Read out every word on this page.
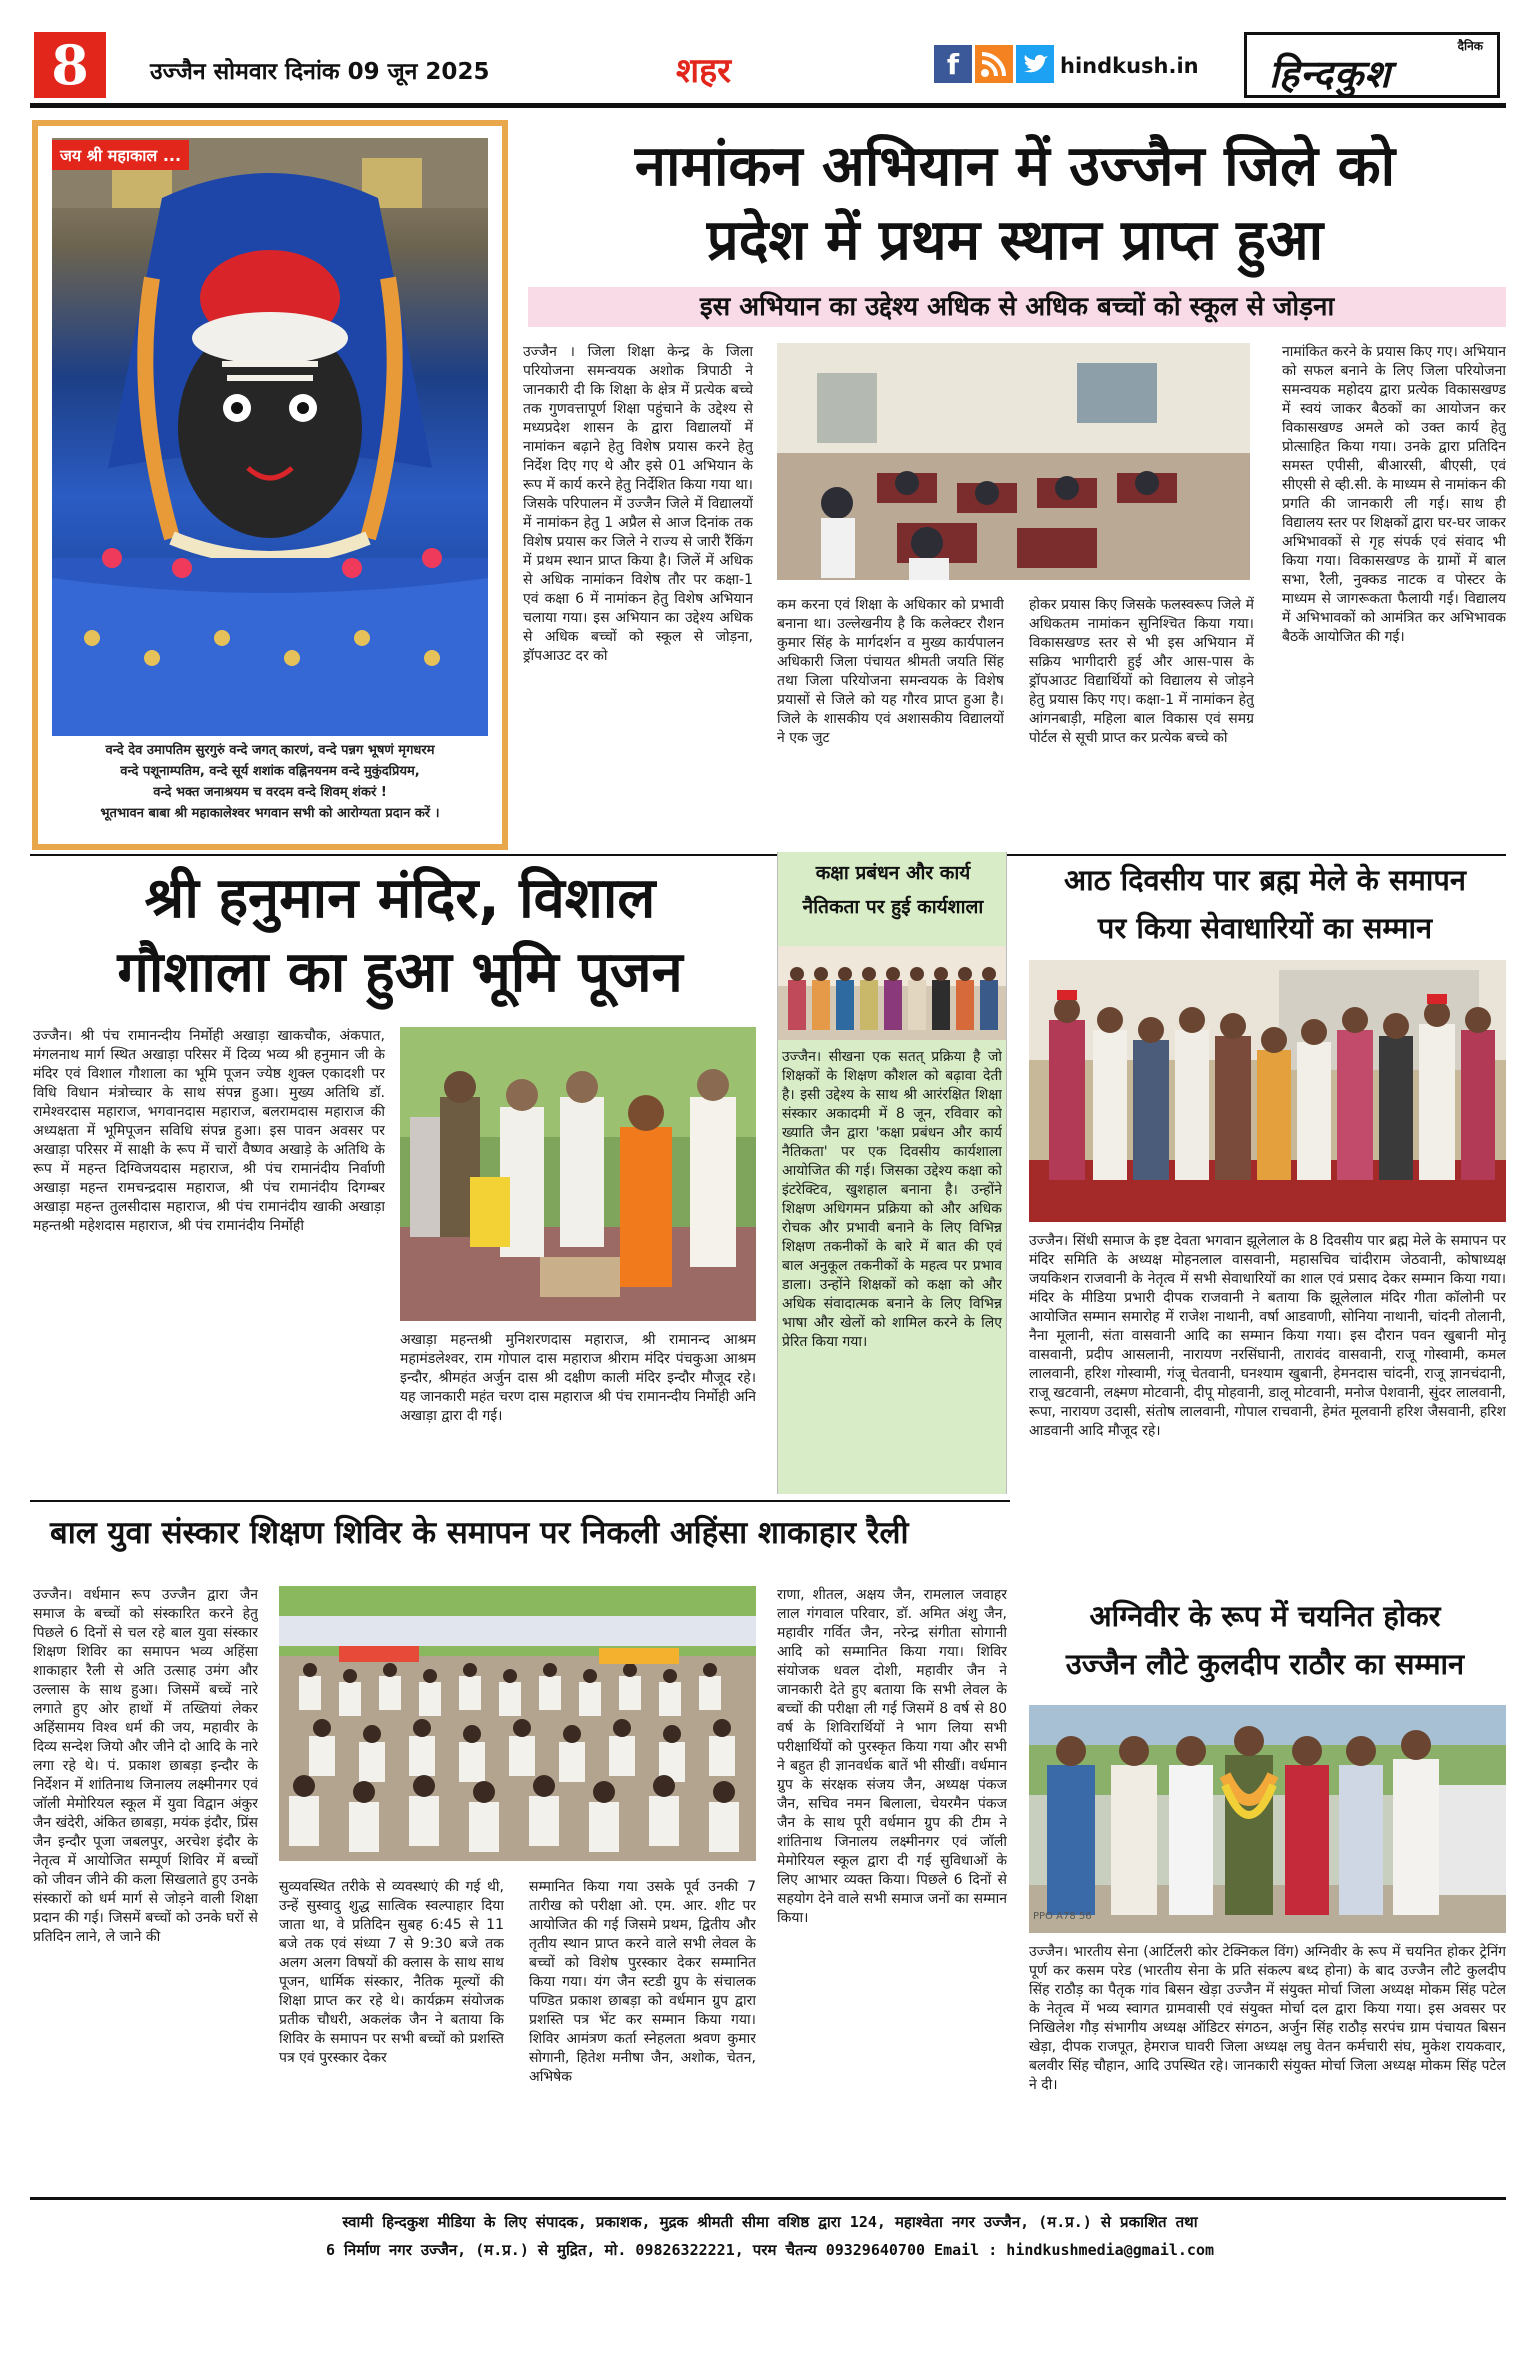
8	उज्जैन सोमवार दिनांक 09 जून 2025	शहर	f	hindkush.in
दैनिक
हिन्दकुश
जय श्री महाकाल ...
वन्दे देव उमापतिम सुरगुरुं वन्दे जगत् कारणं, वन्दे पन्नग भूषणं मृगधरम
वन्दे पशूनाम्पतिम, वन्दे सूर्य शशांक वह्निनयनम वन्दे मुकुंदप्रियम,
वन्दे भक्त जनाश्रयम च वरदम वन्दे शिवम् शंकरं !
भूतभावन बाबा श्री महाकालेश्वर भगवान सभी को आरोग्यता प्रदान करें ।
नामांकन अभियान में उज्जैन जिले को
प्रदेश में प्रथम स्थान प्राप्त हुआ
इस अभियान का उद्देश्य अधिक से अधिक बच्चों को स्कूल से जोड़ना
उज्जैन । जिला शिक्षा केन्द्र के जिला परियोजना समन्वयक अशोक त्रिपाठी ने जानकारी दी कि शिक्षा के क्षेत्र में प्रत्येक बच्चे तक गुणवत्तापूर्ण शिक्षा पहुंचाने के उद्देश्य से मध्यप्रदेश शासन के द्वारा विद्यालयों में नामांकन बढ़ाने हेतु विशेष प्रयास करने हेतु निर्देश दिए गए थे और इसे 01 अभियान के रूप में कार्य करने हेतु निर्देशित किया गया था। जिसके परिपालन में उज्जैन जिले में विद्यालयों में नामांकन हेतु 1 अप्रैल से आज दिनांक तक विशेष प्रयास कर जिले ने राज्य से जारी रैंकिंग में प्रथम स्थान प्राप्त किया है। जिलें में अधिक से अधिक नामांकन विशेष तौर पर कक्षा-1 एवं कक्षा 6 में नामांकन हेतु विशेष अभियान चलाया गया। इस अभियान का उद्देश्य अधिक से अधिक बच्चों को स्कूल से जोड़ना, ड्रॉपआउट दर को
कम करना एवं शिक्षा के अधिकार को प्रभावी बनाना था। उल्लेखनीय है कि कलेक्टर रौशन कुमार सिंह के मार्गदर्शन व मुख्य कार्यपालन अधिकारी जिला पंचायत श्रीमती जयति सिंह तथा जिला परियोजना समन्वयक के विशेष प्रयासों से जिले को यह गौरव प्राप्त हुआ है। जिले के शासकीय एवं अशासकीय विद्यालयों ने एक जुट
होकर प्रयास किए जिसके फलस्वरूप जिले में अधिकतम नामांकन सुनिश्चित किया गया। विकासखण्ड स्तर से भी इस अभियान में सक्रिय भागीदारी हुई और आस-पास के ड्रॉपआउट विद्यार्थियों को विद्यालय से जोड़ने हेतु प्रयास किए गए। कक्षा-1 में नामांकन हेतु आंगनबाड़ी, महिला बाल विकास एवं समग्र पोर्टल से सूची प्राप्त कर प्रत्येक बच्चे को
नामांकित करने के प्रयास किए गए। अभियान को सफल बनाने के लिए जिला परियोजना समन्वयक महोदय द्वारा प्रत्येक विकासखण्ड में स्वयं जाकर बैठकों का आयोजन कर विकासखण्ड अमले को उक्त कार्य हेतु प्रोत्साहित किया गया। उनके द्वारा प्रतिदिन समस्त एपीसी, बीआरसी, बीएसी, एवं सीएसी से व्ही.सी. के माध्यम से नामांकन की प्रगति की जानकारी ली गई। साथ ही विद्यालय स्तर पर शिक्षकों द्वारा घर-घर जाकर अभिभावकों से गृह संपर्क एवं संवाद भी किया गया। विकासखण्ड के ग्रामों में बाल सभा, रैली, नुक्कड नाटक व पोस्टर के माध्यम से जागरूकता फैलायी गई। विद्यालय में अभिभावकों को आमंत्रित कर अभिभावक बैठकें आयोजित की गई।
श्री हनुमान मंदिर, विशाल
गौशाला का हुआ भूमि पूजन
उज्जैन। श्री पंच रामानन्दीय निर्मोही अखाड़ा खाकचौक, अंकपात, मंगलनाथ मार्ग स्थित अखाड़ा परिसर में दिव्य भव्य श्री हनुमान जी के मंदिर एवं विशाल गौशाला का भूमि पूजन ज्येष्ठ शुक्ल एकादशी पर विधि विधान मंत्रोच्चार के साथ संपन्न हुआ। मुख्य अतिथि डॉ. रामेश्वरदास महाराज, भगवानदास महाराज, बलरामदास महाराज की अध्यक्षता में भूमिपूजन सविधि संपन्न हुआ। इस पावन अवसर पर अखाड़ा परिसर में साक्षी के रूप में चारों वैष्णव अखाड़े के अतिथि के रूप में महन्त दिग्विजयदास महाराज, श्री पंच रामानंदीय निर्वाणी अखाड़ा महन्त रामचन्द्रदास महाराज, श्री पंच रामानंदीय दिगम्बर अखाड़ा महन्त तुलसीदास महाराज, श्री पंच रामानंदीय खाकी अखाड़ा महन्तश्री महेशदास महाराज, श्री पंच रामानंदीय निर्मोही
अखाड़ा महन्तश्री मुनिशरणदास महाराज, श्री रामानन्द आश्रम महामंडलेश्वर, राम गोपाल दास महाराज श्रीराम मंदिर पंचकुआ आश्रम इन्दौर, श्रीमहंत अर्जुन दास श्री दक्षीण काली मंदिर इन्दौर मौजूद रहे। यह जानकारी महंत चरण दास महाराज श्री पंच रामानन्दीय निर्मोही अनि अखाड़ा द्वारा दी गई।
कक्षा प्रबंधन और कार्य
नैतिकता पर हुई कार्यशाला
उज्जैन। सीखना एक सतत् प्रक्रिया है जो शिक्षकों के शिक्षण कौशल को बढ़ावा देती है। इसी उद्देश्य के साथ श्री आरंरक्षित शिक्षा संस्कार अकादमी में 8 जून, रविवार को ख्याति जैन द्वारा 'कक्षा प्रबंधन और कार्य नैतिकता' पर एक दिवसीय कार्यशाला आयोजित की गई। जिसका उद्देश्य कक्षा को इंटरेक्टिव, खुशहाल बनाना है। उन्होंने शिक्षण अधिगमन प्रक्रिया को और अधिक रोचक और प्रभावी बनाने के लिए विभिन्न शिक्षण तकनीकों के बारे में बात की एवं बाल अनुकूल तकनीकों के महत्व पर प्रभाव डाला। उन्होंने शिक्षकों को कक्षा को और अधिक संवादात्मक बनाने के लिए विभिन्न भाषा और खेलों को शामिल करने के लिए प्रेरित किया गया।
आठ दिवसीय पार ब्रह्म मेले के समापन
पर किया सेवाधारियों का सम्मान
उज्जैन। सिंधी समाज के इष्ट देवता भगवान झूलेलाल के 8 दिवसीय पार ब्रह्म मेले के समापन पर मंदिर समिति के अध्यक्ष मोहनलाल वासवानी, महासचिव चांदीराम जेठवानी, कोषाध्यक्ष जयकिशन राजवानी के नेतृत्व में सभी सेवाधारियों का शाल एवं प्रसाद देकर सम्मान किया गया। मंदिर के मीडिया प्रभारी दीपक राजवानी ने बताया कि झूलेलाल मंदिर गीता कॉलोनी पर आयोजित सम्मान समारोह में राजेश नाथानी, वर्षा आडवाणी, सोनिया नाथानी, चांदनी तोलानी, नैना मूलानी, संता वासवानी आदि का सम्मान किया गया। इस दौरान पवन खुबानी मोनू वासवानी, प्रदीप आसलानी, नारायण नरसिंघानी, तारावंद वासवानी, राजू गोस्वामी, कमल लालवानी, हरिश गोस्वामी, गंजू चेतवानी, घनश्याम खुबानी, हेमनदास चांदनी, राजू ज्ञानचंदानी, राजू खटवानी, लक्ष्मण मोटवानी, दीपू मोहवानी, डालू मोटवानी, मनोज पेशवानी, सुंदर लालवानी, रूपा, नारायण उदासी, संतोष लालवानी, गोपाल राचवानी, हेमंत मूलवानी हरिश जैसवानी, हरिश आडवानी आदि मौजूद रहे।
बाल युवा संस्कार शिक्षण शिविर के समापन पर निकली अहिंसा शाकाहार रैली
उज्जैन। वर्धमान रूप उज्जैन द्वारा जैन समाज के बच्चों को संस्कारित करने हेतु पिछले 6 दिनों से चल रहे बाल युवा संस्कार शिक्षण शिविर का समापन भव्य अहिंसा शाकाहार रैली से अति उत्साह उमंग और उल्लास के साथ हुआ। जिसमें बच्चें नारे लगाते हुए ओर हाथों में तख्तियां लेकर अहिंसामय विश्व धर्म की जय, महावीर के दिव्य सन्देश जियो और जीने दो आदि के नारे लगा रहे थे। पं. प्रकाश छाबड़ा इन्दौर के निर्देशन में शांतिनाथ जिनालय लक्ष्मीनगर एवं जॉली मेमोरियल स्कूल में युवा विद्वान अंकुर जैन खंदेरी, अंकित छाबड़ा, मयंक इंदौर, प्रिंस जैन इन्दौर पूजा जबलपुर, अरचेश इंदौर के नेतृत्व में आयोजित सम्पूर्ण शिविर में बच्चों को जीवन जीने की कला सिखलाते हुए उनके संस्कारों को धर्म मार्ग से जोड़ने वाली शिक्षा प्रदान की गई। जिसमें बच्चों को उनके घरों से प्रतिदिन लाने, ले जाने की
सुव्यवस्थित तरीके से व्यवस्थाएं की गई थी, उन्हें सुस्वादु शुद्ध सात्विक स्वल्पाहार दिया जाता था, वे प्रतिदिन सुबह 6:45 से 11 बजे तक एवं संध्या 7 से 9:30 बजे तक अलग अलग विषयों की क्लास के साथ साथ पूजन, धार्मिक संस्कार, नैतिक मूल्यों की शिक्षा प्राप्त कर रहे थे। कार्यक्रम संयोजक प्रतीक चौधरी, अकलंक जैन ने बताया कि शिविर के समापन पर सभी बच्चों को प्रशस्ति पत्र एवं पुरस्कार देकर
सम्मानित किया गया उसके पूर्व उनकी 7 तारीख को परीक्षा ओ. एम. आर. शीट पर आयोजित की गई जिसमे प्रथम, द्वितीय और तृतीय स्थान प्राप्त करने वाले सभी लेवल के बच्चों को विशेष पुरस्कार देकर सम्मानित किया गया। यंग जैन स्टडी ग्रुप के संचालक पण्डित प्रकाश छाबड़ा को वर्धमान ग्रुप द्वारा प्रशस्ति पत्र भेंट कर सम्मान किया गया। शिविर आमंत्रण कर्ता स्नेहलता श्रवण कुमार सोगानी, हितेश मनीषा जैन, अशोक, चेतन, अभिषेक
राणा, शीतल, अक्षय जैन, रामलाल जवाहर लाल गंगवाल परिवार, डॉ. अमित अंशु जैन, महावीर गर्वित जैन, नरेन्द्र संगीता सोगानी आदि को सम्मानित किया गया। शिविर संयोजक धवल दोशी, महावीर जैन ने जानकारी देते हुए बताया कि सभी लेवल के बच्चों की परीक्षा ली गई जिसमें 8 वर्ष से 80 वर्ष के शिविरार्थियों ने भाग लिया सभी परीक्षार्थियों को पुरस्कृत किया गया और सभी ने बहुत ही ज्ञानवर्धक बातें भी सीखीं। वर्धमान ग्रुप के संरक्षक संजय जैन, अध्यक्ष पंकज जैन, सचिव नमन बिलाला, चेयरमैन पंकज जैन के साथ पूरी वर्धमान ग्रुप की टीम ने शांतिनाथ जिनालय लक्ष्मीनगर एवं जॉली मेमोरियल स्कूल द्वारा दी गई सुविधाओं के लिए आभार व्यक्त किया। पिछले 6 दिनों से सहयोग देने वाले सभी समाज जनों का सम्मान किया।
अग्निवीर के रूप में चयनित होकर
उज्जैन लौटे कुलदीप राठौर का सम्मान
PPO A78 56
उज्जैन। भारतीय सेना (आर्टिलरी कोर टेक्निकल विंग) अग्निवीर के रूप में चयनित होकर ट्रेनिंग पूर्ण कर कसम परेड (भारतीय सेना के प्रति संकल्प बध्द होना) के बाद उज्जैन लौटे कुलदीप सिंह राठौड़ का पैतृक गांव बिसन खेड़ा उज्जैन में संयुक्त मोर्चा जिला अध्यक्ष मोकम सिंह पटेल के नेतृत्व में भव्य स्वागत ग्रामवासी एवं संयुक्त मोर्चा दल द्वारा किया गया। इस अवसर पर निखिलेश गौड़ संभागीय अध्यक्ष ऑडिटर संगठन, अर्जुन सिंह राठौड़ सरपंच ग्राम पंचायत बिसन खेड़ा, दीपक राजपूत, हेमराज घावरी जिला अध्यक्ष लघु वेतन कर्मचारी संघ, मुकेश रायकवार, बलवीर सिंह चौहान, आदि उपस्थित रहे। जानकारी संयुक्त मोर्चा जिला अध्यक्ष मोकम सिंह पटेल ने दी।
स्वामी हिन्दकुश मीडिया के लिए संपादक, प्रकाशक, मुद्रक श्रीमती सीमा वशिष्ठ द्वारा 124, महाश्वेता नगर उज्जैन, (म.प्र.) से प्रकाशित तथा
6 निर्माण नगर उज्जैन, (म.प्र.) से मुद्रित, मो. 09826322221, परम चैतन्य 09329640700 Email : hindkushmedia@gmail.com
